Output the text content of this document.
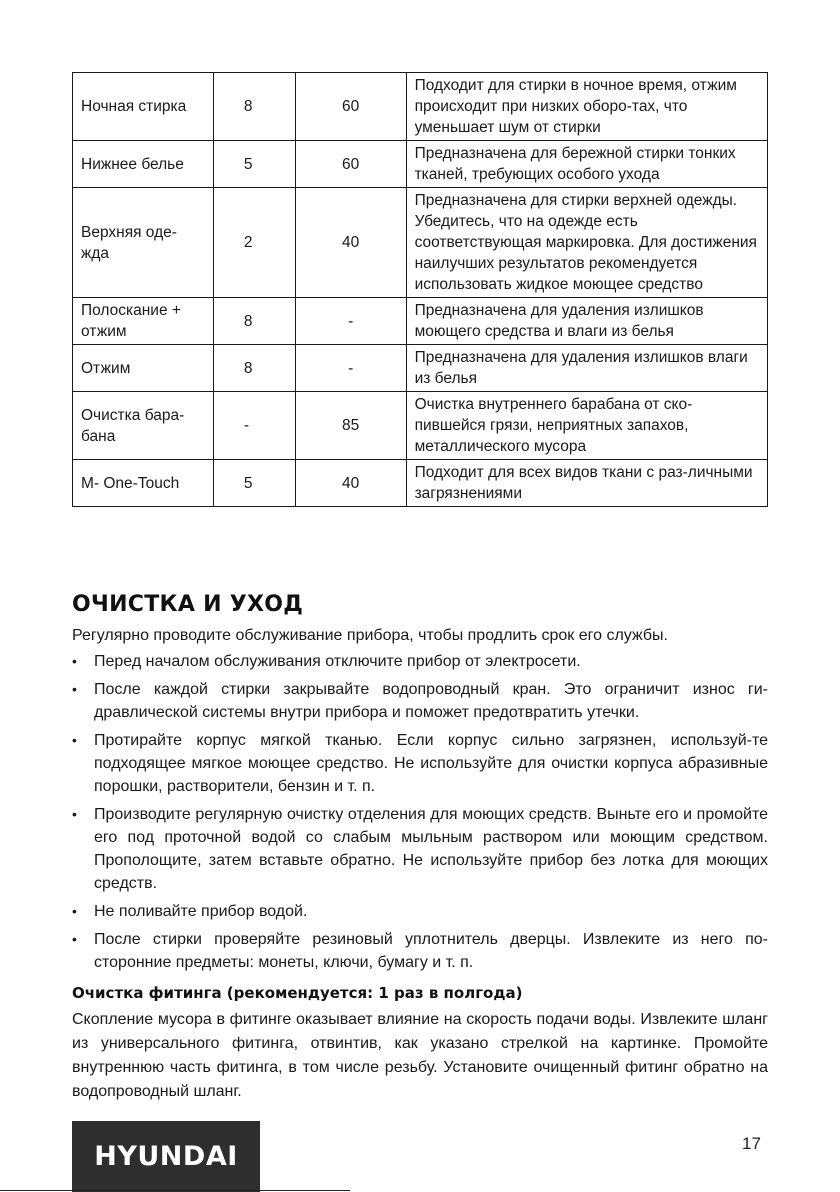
Ночная стирка	8	60	Подходит для стирки в ночное время, отжим происходит при низких оборо-тах, что уменьшает шум от стирки
Нижнее белье	5	60	Предназначена для бережной стирки тонких тканей, требующих особого ухода
Верхняя оде-жда	2	40	Предназначена для стирки верхней одежды. Убедитесь, что на одежде есть соответствующая маркировка. Для достижения наилучших результатов рекомендуется использовать жидкое моющее средство
Полоскание + отжим	8	-	Предназначена для удаления излишков моющего средства и влаги из белья
Отжим	8	-	Предназначена для удаления излишков влаги из белья
Очистка бара-бана	-	85	Очистка внутреннего барабана от ско-пившейся грязи, неприятных запахов, металлического мусора
M- One-Touch	5	40	Подходит для всех видов ткани с раз-личными загрязнениями
ОЧИСТКА И УХОД

Регулярно проводите обслуживание прибора, чтобы продлить срок его службы.

• Перед началом обслуживания отключите прибор от электросети.
• После каждой стирки закрывайте водопроводный кран. Это ограничит износ ги-дравлической системы внутри прибора и поможет предотвратить утечки.
• Протирайте корпус мягкой тканью. Если корпус сильно загрязнен, используй-те подходящее мягкое моющее средство. Не используйте для очистки корпуса абразивные порошки, растворители, бензин и т. п.
• Производите регулярную очистку отделения для моющих средств. Выньте его и промойте его под проточной водой со слабым мыльным раствором или моющим средством. Прополощите, затем вставьте обратно. Не используйте прибор без лотка для моющих средств.
• Не поливайте прибор водой.
• После стирки проверяйте резиновый уплотнитель дверцы. Извлеките из него по-сторонние предметы: монеты, ключи, бумагу и т. п.
Очистка фитинга (рекомендуется: 1 раз в полгода)

Скопление мусора в фитинге оказывает влияние на скорость подачи воды. Извлеките шланг из универсального фитинга, отвинтив, как указано стрелкой на картинке. Промойте внутреннюю часть фитинга, в том числе резьбу. Установите очищенный фитинг обратно на водопроводный шланг.

HYUNDAI	17
